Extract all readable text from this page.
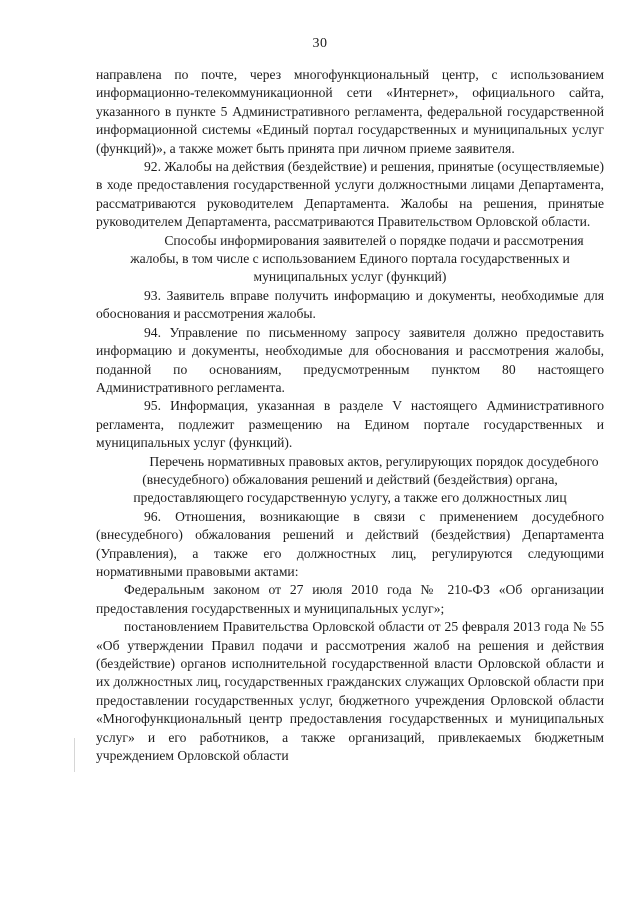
30

направлена по почте, через многофункциональный центр, с использованием информационно-телекоммуникационной сети «Интернет», официального сайта, указанного в пункте 5 Административного регламента, федеральной государственной информационной системы «Единый портал государственных и муниципальных услуг (функций)», а также может быть принята при личном приеме заявителя.

92. Жалобы на действия (бездействие) и решения, принятые (осуществляемые) в ходе предоставления государственной услуги должностными лицами Департамента, рассматриваются руководителем Департамента. Жалобы на решения, принятые руководителем Департамента, рассматриваются Правительством Орловской области.

Способы информирования заявителей о порядке подачи и рассмотрения жалобы, в том числе с использованием Единого портала государственных и муниципальных услуг (функций)

93. Заявитель вправе получить информацию и документы, необходимые для обоснования и рассмотрения жалобы.

94. Управление по письменному запросу заявителя должно предоставить информацию и документы, необходимые для обоснования и рассмотрения жалобы, поданной по основаниям, предусмотренным пунктом 80 настоящего Административного регламента.

95. Информация, указанная в разделе V настоящего Административного регламента, подлежит размещению на Едином портале государственных и муниципальных услуг (функций).

Перечень нормативных правовых актов, регулирующих порядок досудебного (внесудебного) обжалования решений и действий (бездействия) органа, предоставляющего государственную услугу, а также его должностных лиц

96. Отношения, возникающие в связи с применением досудебного (внесудебного) обжалования решений и действий (бездействия) Департамента (Управления), а также его должностных лиц, регулируются следующими нормативными правовыми актами:

Федеральным законом от 27 июля 2010 года № 210-ФЗ «Об организации предоставления государственных и муниципальных услуг»;

постановлением Правительства Орловской области от 25 февраля 2013 года № 55 «Об утверждении Правил подачи и рассмотрения жалоб на решения и действия (бездействие) органов исполнительной государственной власти Орловской области и их должностных лиц, государственных гражданских служащих Орловской области при предоставлении государственных услуг, бюджетного учреждения Орловской области «Многофункциональный центр предоставления государственных и муниципальных услуг» и его работников, а также организаций, привлекаемых бюджетным учреждением Орловской области
